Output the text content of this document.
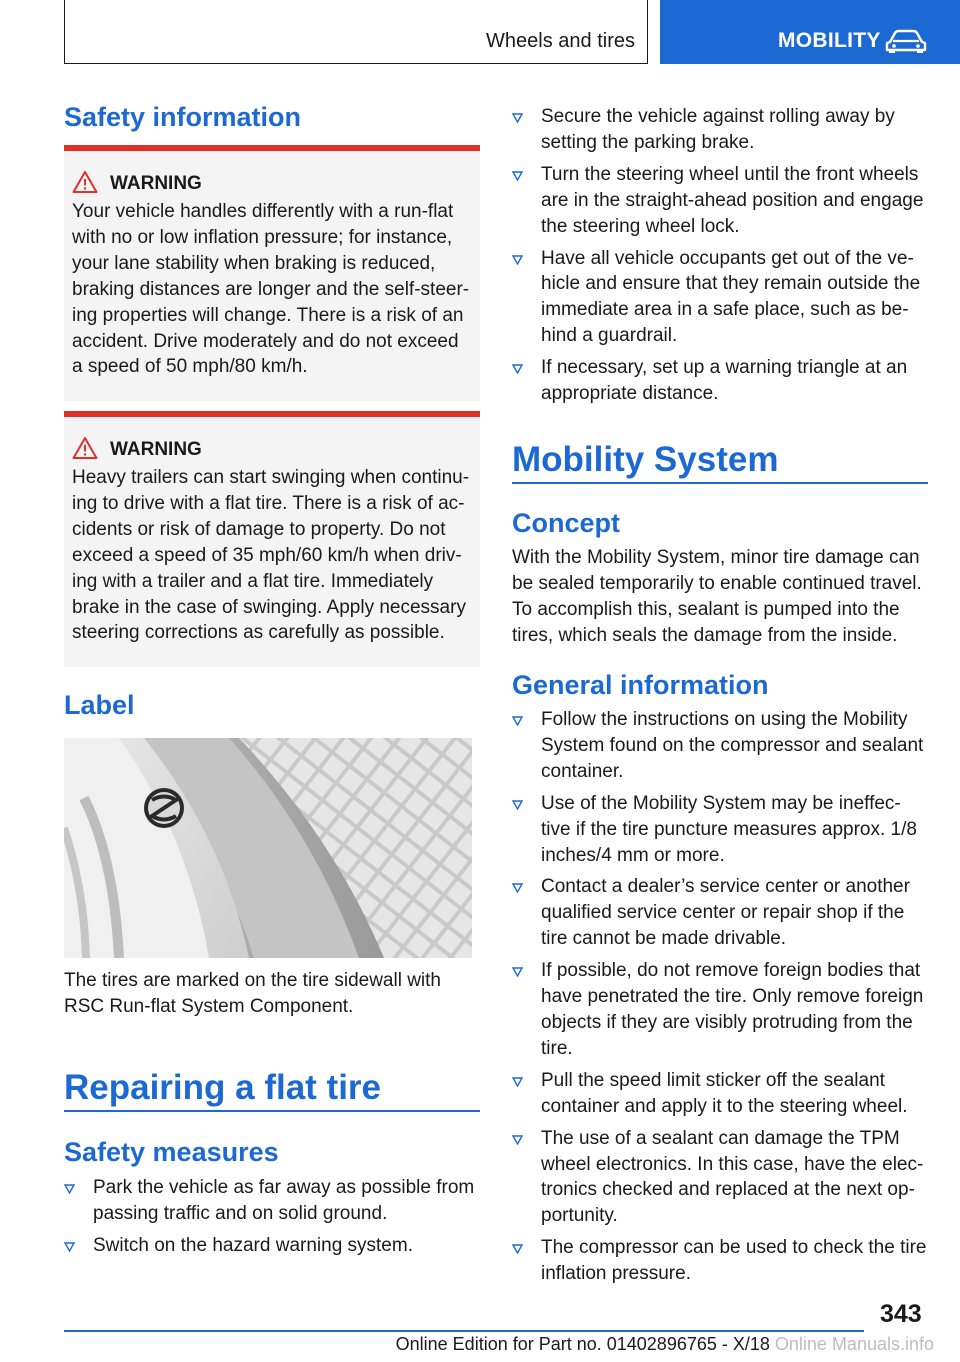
Wheels and tires	MOBILITY
Safety information
WARNING
Your vehicle handles differently with a run-flat with no or low inflation pressure; for instance, your lane stability when braking is reduced, braking distances are longer and the self-steer-ing properties will change. There is a risk of an accident. Drive moderately and do not exceed a speed of 50 mph/80 km/h.
WARNING
Heavy trailers can start swinging when continu-ing to drive with a flat tire. There is a risk of ac-cidents or risk of damage to property. Do not exceed a speed of 35 mph/60 km/h when driv-ing with a trailer and a flat tire. Immediately brake in the case of swinging. Apply necessary steering corrections as carefully as possible.
Label
The tires are marked on the tire sidewall with RSC Run-flat System Component.
Repairing a flat tire
Safety measures
Park the vehicle as far away as possible from passing traffic and on solid ground.
Switch on the hazard warning system.
Secure the vehicle against rolling away by setting the parking brake.
Turn the steering wheel until the front wheels are in the straight-ahead position and engage the steering wheel lock.
Have all vehicle occupants get out of the ve-hicle and ensure that they remain outside the immediate area in a safe place, such as be-hind a guardrail.
If necessary, set up a warning triangle at an appropriate distance.
Mobility System
Concept
With the Mobility System, minor tire damage can be sealed temporarily to enable continued travel. To accomplish this, sealant is pumped into the tires, which seals the damage from the inside.
General information
Follow the instructions on using the Mobility System found on the compressor and sealant container.
Use of the Mobility System may be ineffec-tive if the tire puncture measures approx. 1/8 inches/4 mm or more.
Contact a dealer’s service center or another qualified service center or repair shop if the tire cannot be made drivable.
If possible, do not remove foreign bodies that have penetrated the tire. Only remove foreign objects if they are visibly protruding from the tire.
Pull the speed limit sticker off the sealant container and apply it to the steering wheel.
The use of a sealant can damage the TPM wheel electronics. In this case, have the elec-tronics checked and replaced at the next op-portunity.
The compressor can be used to check the tire inflation pressure.
343
Online Edition for Part no. 01402896765 - X/18 Online Manuals.info
